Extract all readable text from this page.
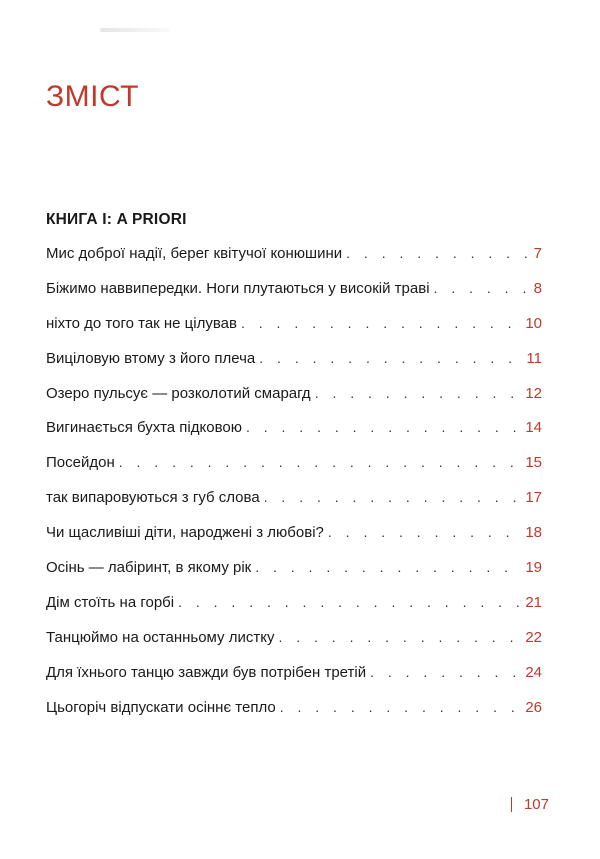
ЗМІСТ
КНИГА І: A PRIORI
Мис доброї надії, берег квітучої конюшини . . .	7
Біжимо наввипередки. Ноги плутаються у високій траві . . .	8
ніхто до того так не цілував . . .	10
Виціловую втому з його плеча . . .	11
Озеро пульсує — розколотий смарагд . . .	12
Вигинається бухта підковою . . .	14
Посейдон . . .	15
так випаровуються з губ слова . . .	17
Чи щасливіші діти, народжені з любові? . . .	18
Осінь — лабіринт, в якому рік . . .	19
Дім стоїть на горбі . . .	21
Танцюймо на останньому листку . . .	22
Для їхнього танцю завжди був потрібен третій . . .	24
Цьогоріч відпускати осіннє тепло . . .	26
107
